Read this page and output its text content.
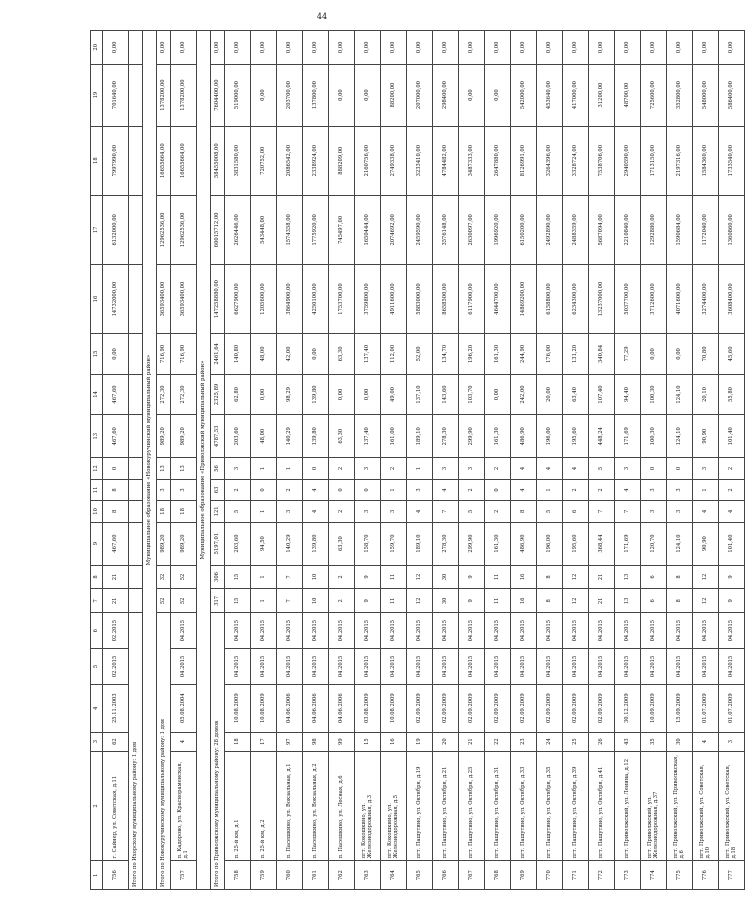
44
1	2	3	4	5	6	7	8	9	10	11	12	13	14	15	16	17	18	19	20
756	г. Сайнер, ул. Советская, д.11	62	25.11.2003	02.2015	02.2015	21	21	467,60	8	8	0	467,60	467,60	0,00	14732000,00	6132000,00	7997990,00	701640,00	0,00
Итого по Ихорскому муниципальному району: 1 дом																			
Муниципальное образование «Новокуручинский муниципальный район»																			
Итого по Новокуручинскому муниципальному району: 1 дом						52	32	989,20	18	3	13	989,20	272,30	716,90	36593400,00	12962536,00	16655664,00	1378200,00	0,00
757	п. Кадорово, ул. Краснораменская, д.1	4	05.08.2004	04.2015	04.2015	52	52	989,20	18	3	13	989,20	272,30	716,90	36593400,00	12962536,00	16655664,00	1378200,00	0,00
Муниципальное образование «Приволжский муниципальный район»																			
Итого по Приволжскому муниципальному району: 28 домов						317	306	5197,01	121	63	56	4787,53	2325,89	2461,64	147258880,00	60015712,00	58455008,00	7604400,00	0,00
758	п. 25-й км, д.1	18	10.08.2009	04.2015	04.2015	15	15	203,60	5	2	3	203,60	62,80	140,80	6627900,00	2626446,00	3831580,00	519000,00	0,00
759	п. 25-й км, д.2	17	10.08.2009	04.2015	04.2015	1	1	94,50	1	0	1	48,00	0,00	48,00	1205600,00	543448,00	720752,00	0,00	0,00
760	п. Пасешкино, ул. Вокзальная, д.1	97	04.06.2006	04.2015	04.2015	7	7	140,29	3	2	1	140,29	98,29	42,00	3864900,00	1574358,00	2086542,00	203700,00	0,00
761	п. Пасешкино, ул. Вокзальная, д.2	98	04.06.2006	04.2015	04.2015	10	10	139,80	4	4	0	139,80	139,80	0,00	4250100,00	1775920,00	2338924,00	137800,00	0,00
762	п. Пасешкино, ул. Лесная, д.6	99	04.06.2006	04.2015	04.2015	2	2	63,30	2	0	2	63,30	0,00	63,30	1753700,00	745497,00	888209,00	0,00	0,00
763	пгт. Кокошкино, ул. Железнодорожная, д.3	15	03.08.2009	04.2015	04.2015	9	9	158,70	3	0	3	137,40	0,00	137,40	3759800,00	1650444,00	2160756,00	0,00	0,00
764	пгт. Кокошкино, ул. Железнодорожная, д.5	16	10.08.2009	04.2015	04.2015	11	11	159,70	3	1	2	161,00	49,00	112,00	4911600,00	2074692,00	2749338,00	88200,00	0,00
765	пгт. Пашутино, ул. Октября, д.19	19	02.09.2009	04.2015	04.2015	12	12	189,10	4	3	1	189,10	137,10	52,00	5883000,00	2459590,00	3233410,00	207000,00	0,00
766	пгт. Пашутино, ул. Октября, д.21	20	02.09.2009	04.2015	04.2015	30	30	278,30	7	4	3	278,30	143,60	134,70	8658500,00	3576148,00	4784482,00	298400,00	0,00
767	пгт. Пашутино, ул. Октября, д.25	21	02.09.2009	04.2015	04.2015	9	9	299,90	5	2	3	299,90	103,70	196,20	6117900,00	2630097,00	3487333,00	0,00	0,00
768	пгт. Пашутино, ул. Октября, д.31	22	02.09.2009	04.2015	04.2015	11	11	161,30	2	0	2	161,30	0,00	161,30	4644700,00	1996920,00	2647880,00	0,00	0,00
769	пгт. Пашутино, ул. Октября, д.33	23	02.09.2009	04.2015	04.2015	16	16	486,90	8	4	4	486,90	242,00	244,90	14869200,00	6150200,00	8126991,00	542000,00	0,00
770	пгт. Пашутино, ул. Октября, д.35	24	02.09.2009	04.2015	04.2015	8	8	196,00	5	1	4	196,00	20,00	176,00	6158800,00	2492890,00	3264396,00	453640,00	0,00
771	пгт. Пашутино, ул. Октября, д.39	25	02.09.2009	04.2015	04.2015	12	12	195,60	6	2	4	195,60	63,40	131,20	6234300,00	2488359,00	3328724,00	417000,00	0,00
772	пгт. Пашутино, ул. Октября, д.41	26	02.09.2009	04.2015	04.2015	21	21	368,44	7	2	5	448,24	107,40	340,84	13237000,00	5687094,00	7538706,00	31200,00	0,00
773	пгт. Приволжский, ул. Ленина, д.12	43	30.12.2009	04.2015	04.2015	13	13	171,69	7	4	3	171,69	94,40	77,29	5037700,00	2210840,00	2940590,00	48700,00	0,00
774	пгт. Приволжский, ул. Железнодорожная, д.37	35	10.09.2009	04.2015	04.2015	6	6	120,70	3	3	0	100,30	100,30	0,00	3712600,00	1292880,00	1713150,00	725600,00	0,00
775	пгт. Приволжский, ул. Приволжская, д.6	30	15.09.2009	04.2015	04.2015	8	8	124,10	3	3	0	124,10	124,10	0,00	4071600,00	1590684,00	2197316,00	352800,00	0,00
776	пгт. Приволжский, ул. Советская, д.10	4	01.07.2009	04.2015	04.2015	12	12	90,90	4	1	3	90,90	20,10	70,80	3274400,00	1172040,00	1584360,00	548000,00	0,00
777	пгт. Приволжский, ул. Советская, д.18	3	01.07.2009	04.2015	04.2015	9	9	101,40	4	2	2	101,40	55,80	45,60	3608400,00	1360860,00	1733540,00	586400,00	0,00
